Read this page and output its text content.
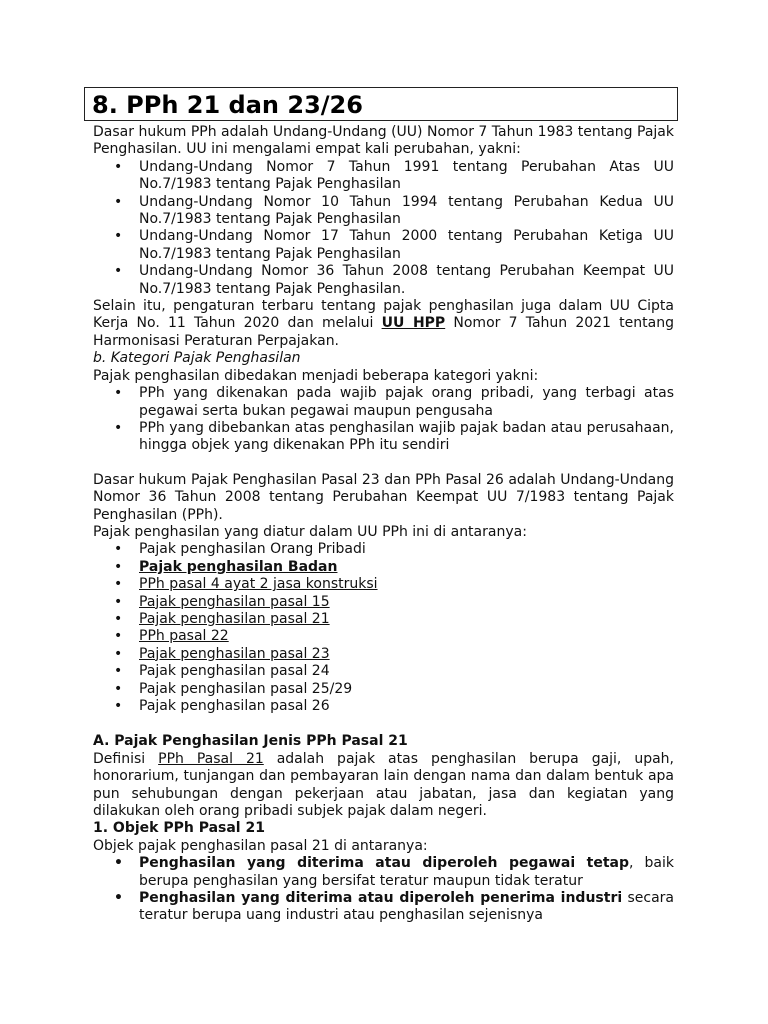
8. PPh 21 dan 23/26

Dasar hukum PPh adalah Undang-Undang (UU) Nomor 7 Tahun 1983 tentang Pajak Penghasilan. UU ini mengalami empat kali perubahan, yakni:

• Undang-Undang Nomor 7 Tahun 1991 tentang Perubahan Atas UU No.7/1983 tentang Pajak Penghasilan
• Undang-Undang Nomor 10 Tahun 1994 tentang Perubahan Kedua UU No.7/1983 tentang Pajak Penghasilan
• Undang-Undang Nomor 17 Tahun 2000 tentang Perubahan Ketiga UU No.7/1983 tentang Pajak Penghasilan
• Undang-Undang Nomor 36 Tahun 2008 tentang Perubahan Keempat UU No.7/1983 tentang Pajak Penghasilan.

Selain itu, pengaturan terbaru tentang pajak penghasilan juga dalam UU Cipta Kerja No. 11 Tahun 2020 dan melalui UU HPP Nomor 7 Tahun 2021 tentang Harmonisasi Peraturan Perpajakan.

b. Kategori Pajak Penghasilan

Pajak penghasilan dibedakan menjadi beberapa kategori yakni:

• PPh yang dikenakan pada wajib pajak orang pribadi, yang terbagi atas pegawai serta bukan pegawai maupun pengusaha
• PPh yang dibebankan atas penghasilan wajib pajak badan atau perusahaan, hingga objek yang dikenakan PPh itu sendiri

Dasar hukum Pajak Penghasilan Pasal 23 dan PPh Pasal 26 adalah Undang-Undang Nomor 36 Tahun 2008 tentang Perubahan Keempat UU 7/1983 tentang Pajak Penghasilan (PPh).

Pajak penghasilan yang diatur dalam UU PPh ini di antaranya:

• Pajak penghasilan Orang Pribadi
• Pajak penghasilan Badan
• PPh pasal 4 ayat 2 jasa konstruksi
• Pajak penghasilan pasal 15
• Pajak penghasilan pasal 21
• PPh pasal 22
• Pajak penghasilan pasal 23
• Pajak penghasilan pasal 24
• Pajak penghasilan pasal 25/29
• Pajak penghasilan pasal 26

A. Pajak Penghasilan Jenis PPh Pasal 21

Definisi PPh Pasal 21 adalah pajak atas penghasilan berupa gaji, upah, honorarium, tunjangan dan pembayaran lain dengan nama dan dalam bentuk apa pun sehubungan dengan pekerjaan atau jabatan, jasa dan kegiatan yang dilakukan oleh orang pribadi subjek pajak dalam negeri.

1. Objek PPh Pasal 21

Objek pajak penghasilan pasal 21 di antaranya:

• Penghasilan yang diterima atau diperoleh pegawai tetap, baik berupa penghasilan yang bersifat teratur maupun tidak teratur
• Penghasilan yang diterima atau diperoleh penerima industri secara teratur berupa uang industri atau penghasilan sejenisnya
